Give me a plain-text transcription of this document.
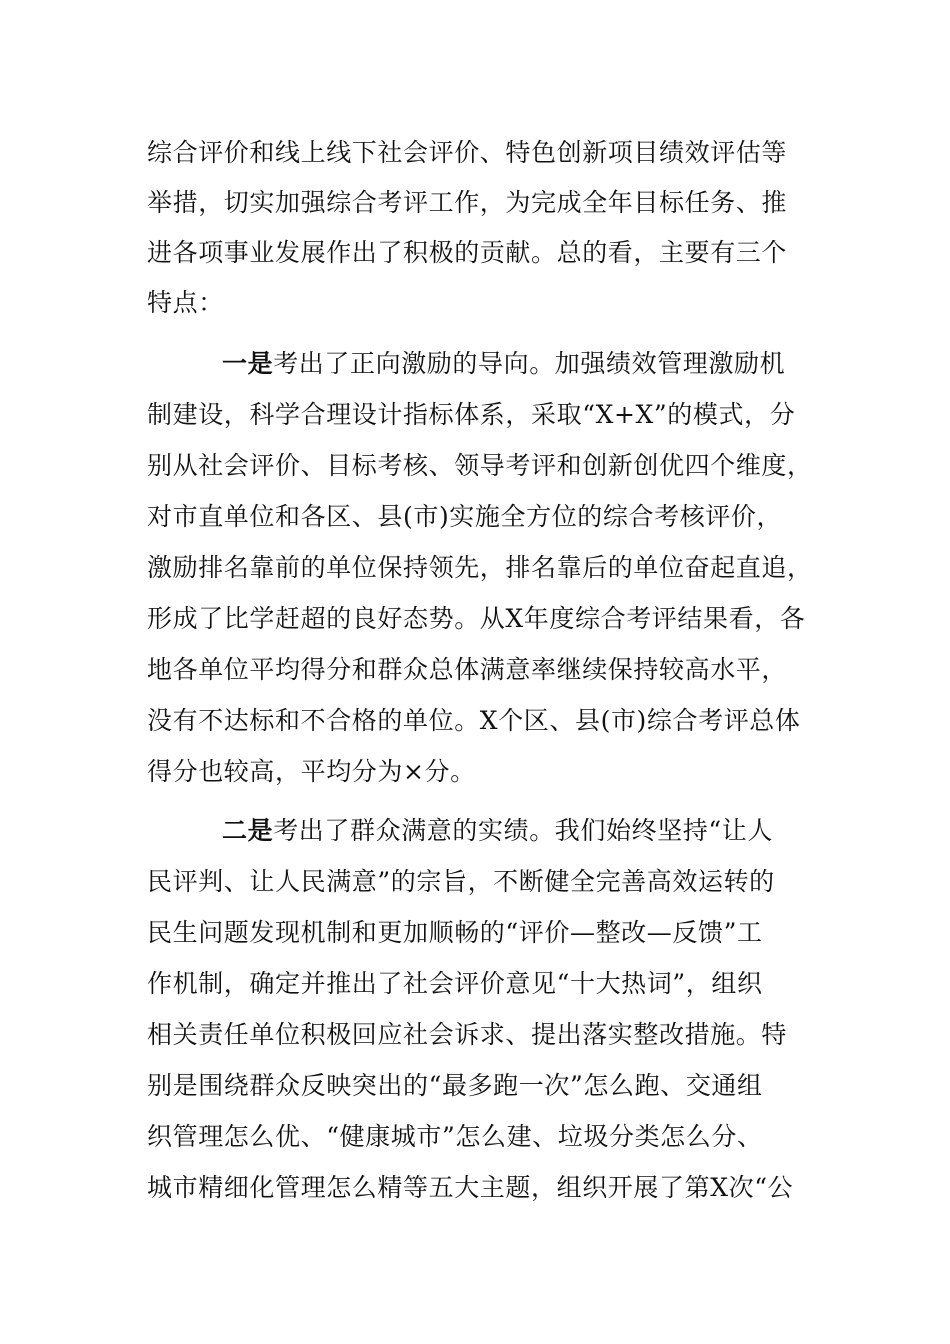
综合评价和线上线下社会评价、特色创新项目绩效评估等
举措，切实加强综合考评工作，为完成全年目标任务、推
进各项事业发展作出了积极的贡献。总的看，主要有三个
特点：
一是考出了正向激励的导向。加强绩效管理激励机
制建设，科学合理设计指标体系，采取“X+X”的模式，分
别从社会评价、目标考核、领导考评和创新创优四个维度，
对市直单位和各区、县(市)实施全方位的综合考核评价，
激励排名靠前的单位保持领先，排名靠后的单位奋起直追，
形成了比学赶超的良好态势。从X年度综合考评结果看，各
地各单位平均得分和群众总体满意率继续保持较高水平，
没有不达标和不合格的单位。X个区、县(市)综合考评总体
得分也较高，平均分为×分。
二是考出了群众满意的实绩。我们始终坚持“让人
民评判、让人民满意”的宗旨，不断健全完善高效运转的
民生问题发现机制和更加顺畅的“评价—整改—反馈”工
作机制，确定并推出了社会评价意见“十大热词”，组织
相关责任单位积极回应社会诉求、提出落实整改措施。特
别是围绕群众反映突出的“最多跑一次”怎么跑、交通组
织管理怎么优、“健康城市”怎么建、垃圾分类怎么分、
城市精细化管理怎么精等五大主题，组织开展了第X次“公
